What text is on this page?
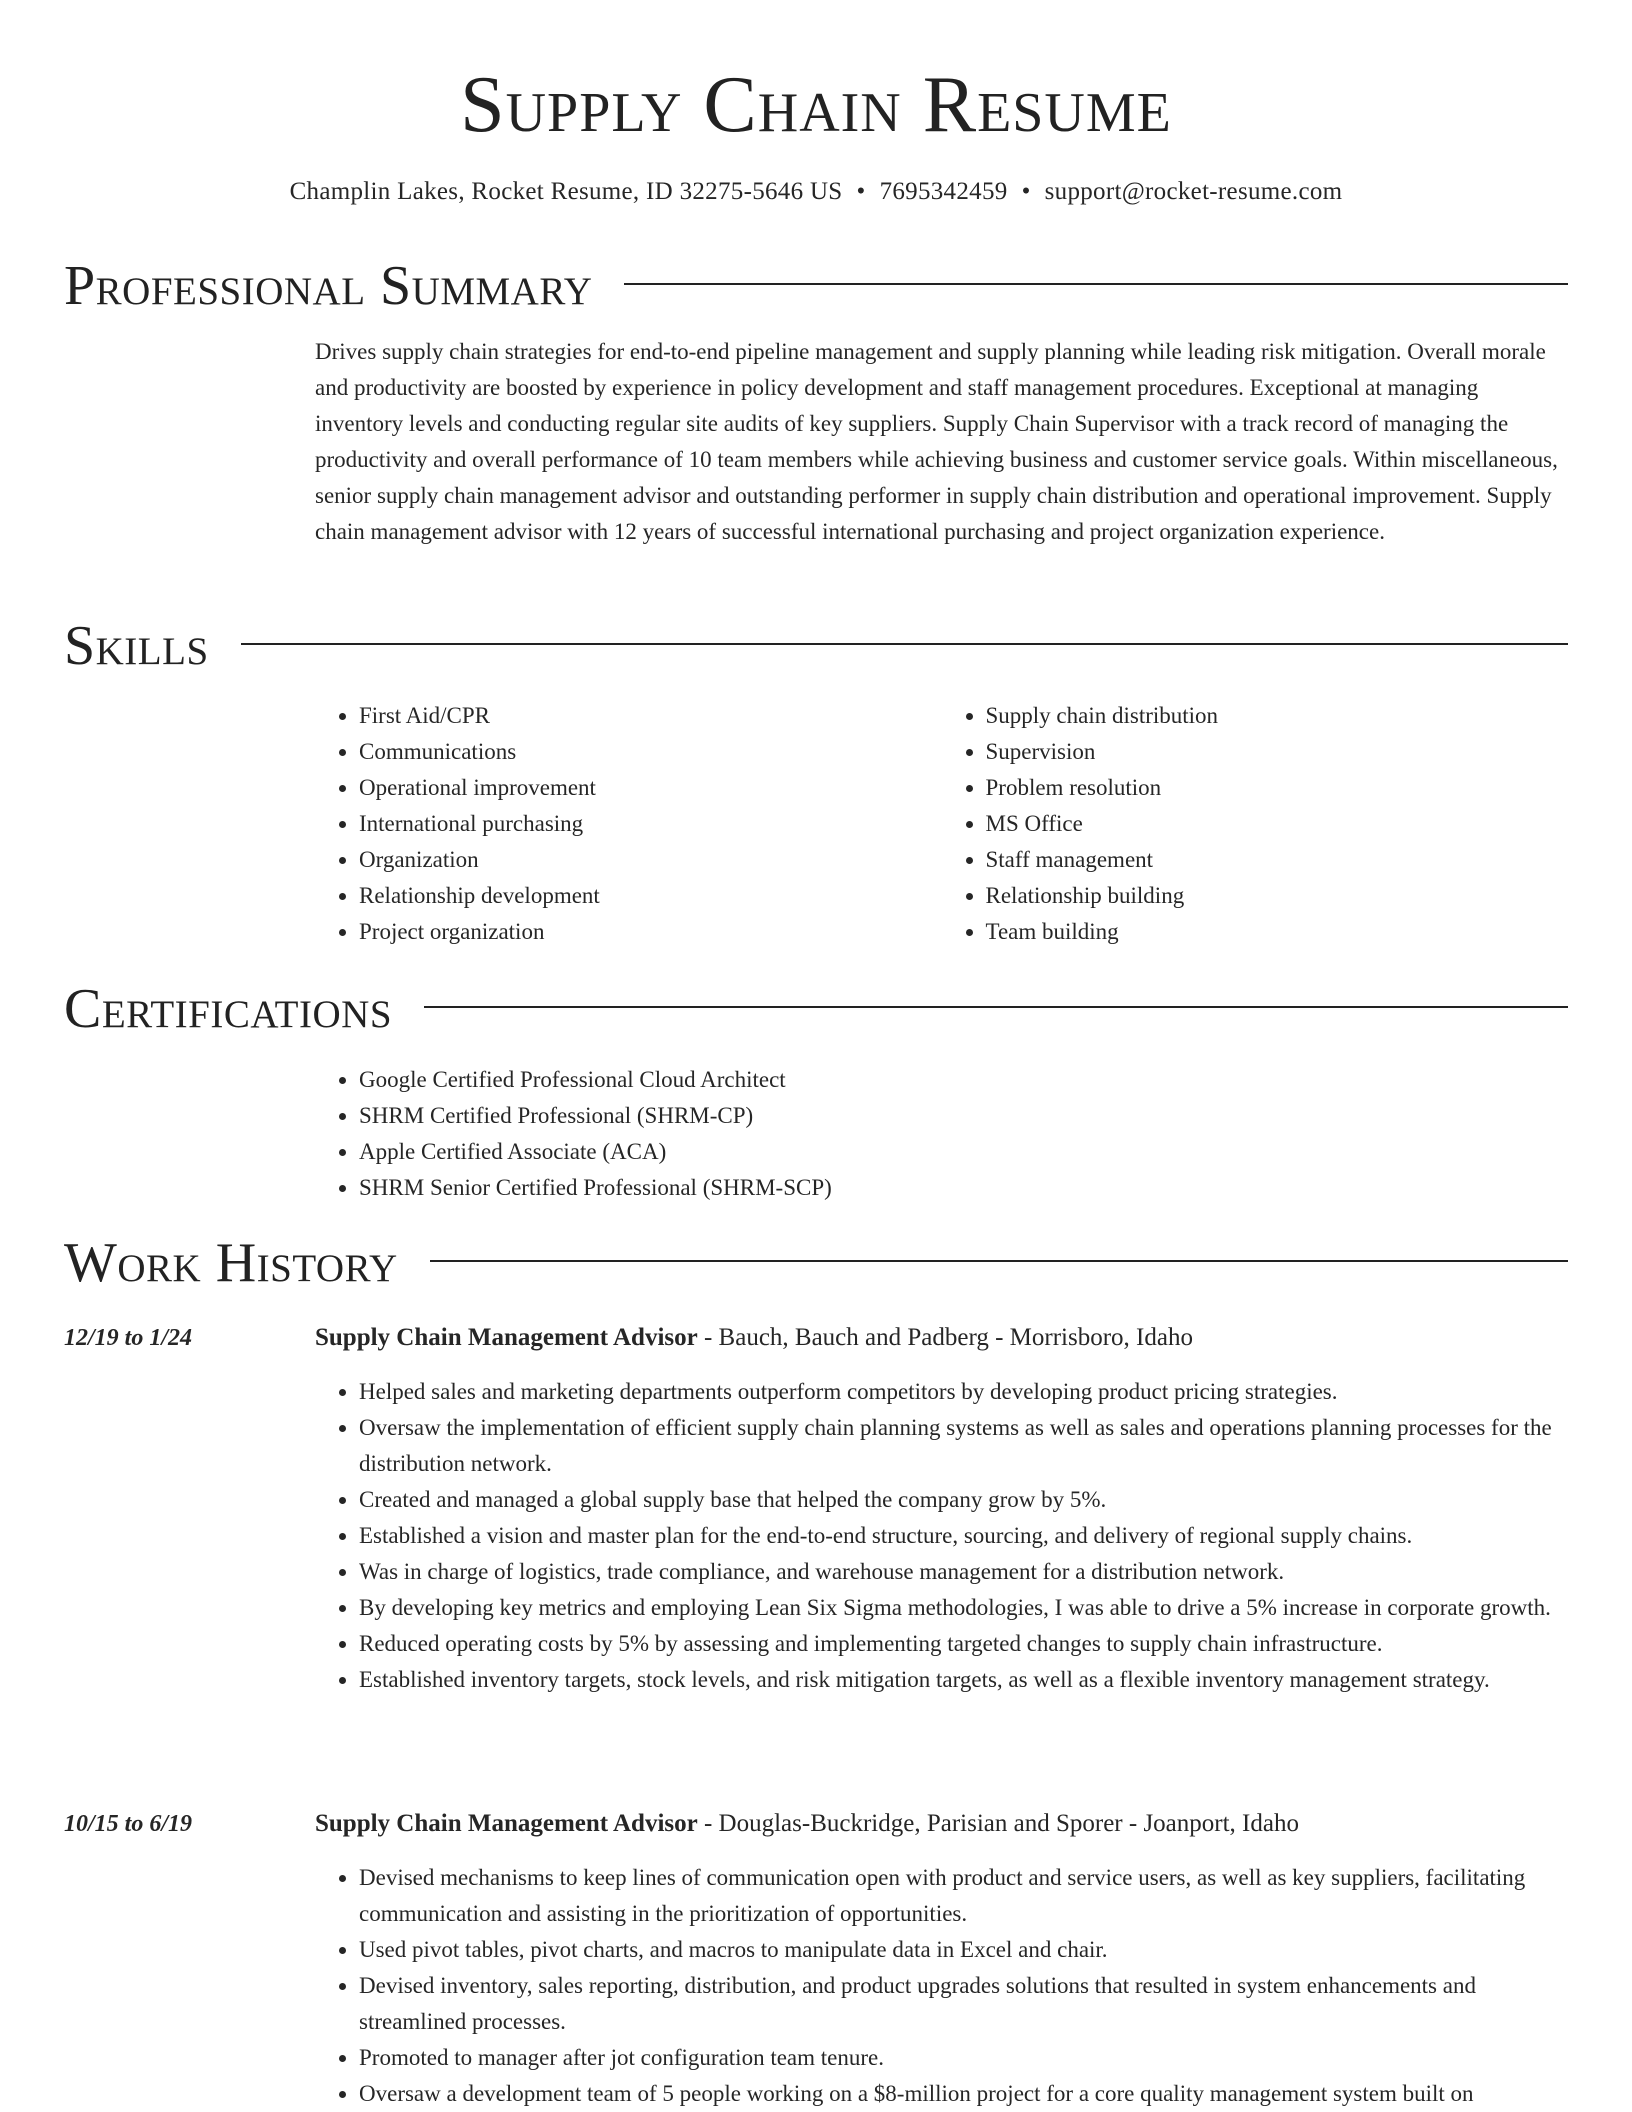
Supply Chain Resume
Champlin Lakes, Rocket Resume, ID 32275-5646 US • 7695342459 • support@rocket-resume.com
Professional Summary
Drives supply chain strategies for end-to-end pipeline management and supply planning while leading risk mitigation. Overall morale and productivity are boosted by experience in policy development and staff management procedures. Exceptional at managing inventory levels and conducting regular site audits of key suppliers. Supply Chain Supervisor with a track record of managing the productivity and overall performance of 10 team members while achieving business and customer service goals. Within miscellaneous, senior supply chain management advisor and outstanding performer in supply chain distribution and operational improvement. Supply chain management advisor with 12 years of successful international purchasing and project organization experience.
Skills
• First Aid/CPR
• Communications
• Operational improvement
• International purchasing
• Organization
• Relationship development
• Project organization
• Supply chain distribution
• Supervision
• Problem resolution
• MS Office
• Staff management
• Relationship building
• Team building
Certifications
• Google Certified Professional Cloud Architect
• SHRM Certified Professional (SHRM-CP)
• Apple Certified Associate (ACA)
• SHRM Senior Certified Professional (SHRM-SCP)
Work History
12/19 to 1/24	Supply Chain Management Advisor - Bauch, Bauch and Padberg - Morrisboro, Idaho
• Helped sales and marketing departments outperform competitors by developing product pricing strategies.
• Oversaw the implementation of efficient supply chain planning systems as well as sales and operations planning processes for the distribution network.
• Created and managed a global supply base that helped the company grow by 5%.
• Established a vision and master plan for the end-to-end structure, sourcing, and delivery of regional supply chains.
• Was in charge of logistics, trade compliance, and warehouse management for a distribution network.
• By developing key metrics and employing Lean Six Sigma methodologies, I was able to drive a 5% increase in corporate growth.
• Reduced operating costs by 5% by assessing and implementing targeted changes to supply chain infrastructure.
• Established inventory targets, stock levels, and risk mitigation targets, as well as a flexible inventory management strategy.
10/15 to 6/19	Supply Chain Management Advisor - Douglas-Buckridge, Parisian and Sporer - Joanport, Idaho
• Devised mechanisms to keep lines of communication open with product and service users, as well as key suppliers, facilitating communication and assisting in the prioritization of opportunities.
• Used pivot tables, pivot charts, and macros to manipulate data in Excel and chair.
• Devised inventory, sales reporting, distribution, and product upgrades solutions that resulted in system enhancements and streamlined processes.
• Promoted to manager after jot configuration team tenure.
• Oversaw a development team of 5 people working on a $8-million project for a core quality management system built on
